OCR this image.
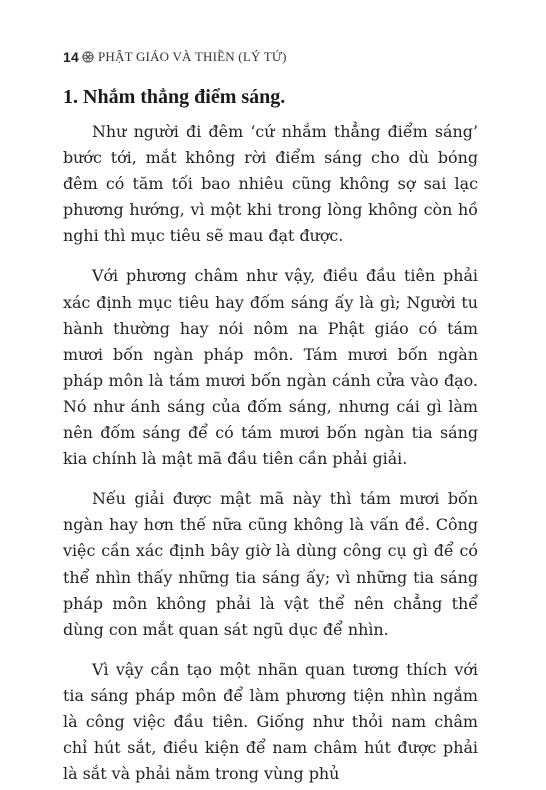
14 PHẬT GIÁO VÀ THIỀN (LÝ TỨ)
1. Nhắm thẳng điểm sáng.

Như người đi đêm ‘cứ nhắm thẳng điểm sáng’ bước tới, mắt không rời điểm sáng cho dù bóng đêm có tăm tối bao nhiêu cũng không sợ sai lạc phương hướng, vì một khi trong lòng không còn hồ nghi thì mục tiêu sẽ mau đạt được.

Với phương châm như vậy, điều đầu tiên phải xác định mục tiêu hay đốm sáng ấy là gì; Người tu hành thường hay nói nôm na Phật giáo có tám mươi bốn ngàn pháp môn. Tám mươi bốn ngàn pháp môn là tám mươi bốn ngàn cánh cửa vào đạo. Nó như ánh sáng của đốm sáng, nhưng cái gì làm nên đốm sáng để có tám mươi bốn ngàn tia sáng kia chính là mật mã đầu tiên cần phải giải.

Nếu giải được mật mã này thì tám mươi bốn ngàn hay hơn thế nữa cũng không là vấn đề. Công việc cần xác định bây giờ là dùng công cụ gì để có thể nhìn thấy những tia sáng ấy; vì những tia sáng pháp môn không phải là vật thể nên chẳng thể dùng con mắt quan sát ngũ dục để nhìn.

Vì vậy cần tạo một nhãn quan tương thích với tia sáng pháp môn để làm phương tiện nhìn ngắm là công việc đầu tiên. Giống như thỏi nam châm chỉ hút sắt, điều kiện để nam châm hút được phải là sắt và phải nằm trong vùng phủ
